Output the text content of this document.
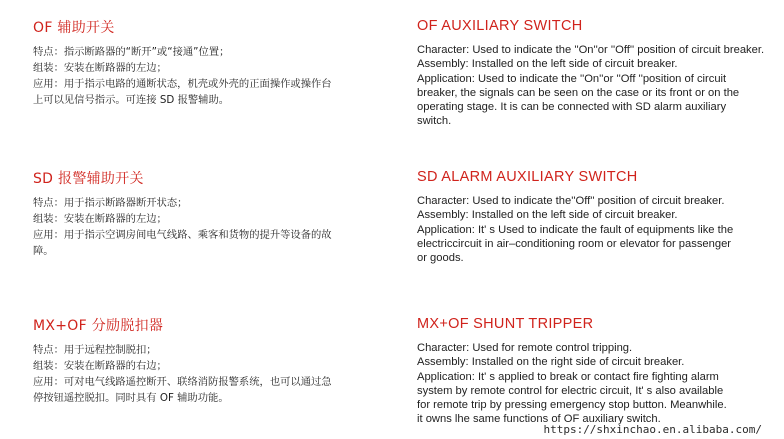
OF 辅助开关
特点：指示断路器的“断开”或“接通”位置；
组装：安装在断路器的左边；
应用：用于指示电路的通断状态，机壳或外壳的正面操作或操作台
上可以见信号指示。可连接 SD 报警辅助。
SD 报警辅助开关
特点：用于指示断路器断开状态；
组装：安装在断路器的左边；
应用：用于指示空调房间电气线路、乘客和货物的提升等设备的故
障。
MX+OF 分励脱扣器
特点：用于远程控制脱扣；
组装：安装在断路器的右边；
应用：可对电气线路遥控断开、联络消防报警系统，也可以通过急
停按钮遥控脱扣。同时具有 OF 辅助功能。
OF AUXILIARY SWITCH
Character: Used to indicate the ''On''or ''Off'' position of circuit breaker.
Assembly: Installed on the left side of circuit breaker.
Application: Used to indicate the ''On''or ''Off ''position of circuit
breaker, the signals can be seen on the case or its front or on the
operating stage. It is can be connected with SD alarm auxiliary
switch.
SD ALARM AUXILIARY SWITCH
Character: Used to indicate the''Off'' position of circuit breaker.
Assembly: Installed on the left side of circuit breaker.
Application: It' s Used to indicate the fault of equipments like the
electriccircuit in air–conditioning room or elevator for passenger
or goods.
MX+OF SHUNT TRIPPER
Character: Used for remote control tripping.
Assembly: Installed on the right side of circuit breaker.
Application: It' s applied to break or contact fire fighting alarm
system by remote control for electric circuit, It' s also available
for remote trip by pressing emergency stop button. Meanwhile.
it owns lhe same functions of OF auxiliary switch.
https://shxinchao.en.alibaba.com/
